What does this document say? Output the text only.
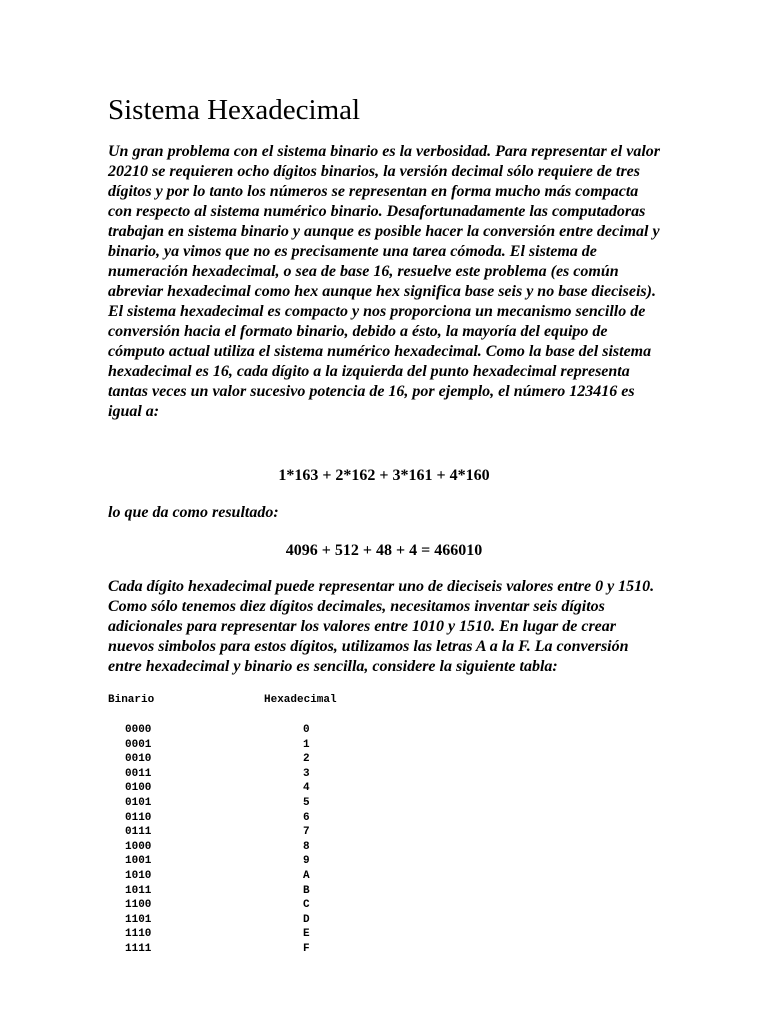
Sistema Hexadecimal

Un gran problema con el sistema binario es la verbosidad. Para representar el valor 20210 se requieren ocho dígitos binarios, la versión decimal sólo requiere de tres dígitos y por lo tanto los números se representan en forma mucho más compacta con respecto al sistema numérico binario. Desafortunadamente las computadoras trabajan en sistema binario y aunque es posible hacer la conversión entre decimal y binario, ya vimos que no es precisamente una tarea cómoda. El sistema de numeración hexadecimal, o sea de base 16, resuelve este problema (es común abreviar hexadecimal como hex aunque hex significa base seis y no base dieciseis). El sistema hexadecimal es compacto y nos proporciona un mecanismo sencillo de conversión hacia el formato binario, debido a ésto, la mayoría del equipo de cómputo actual utiliza el sistema numérico hexadecimal. Como la base del sistema hexadecimal es 16, cada dígito a la izquierda del punto hexadecimal representa tantas veces un valor sucesivo potencia de 16, por ejemplo, el número 123416 es igual a:

1*163 + 2*162 + 3*161 + 4*160

lo que da como resultado:

4096 + 512 + 48 + 4 = 466010

Cada dígito hexadecimal puede representar uno de dieciseis valores entre 0 y 1510. Como sólo tenemos diez dígitos decimales, necesitamos inventar seis dígitos adicionales para representar los valores entre 1010 y 1510. En lugar de crear nuevos simbolos para estos dígitos, utilizamos las letras A a la F. La conversión entre hexadecimal y binario es sencilla, considere la siguiente tabla:

Binario	Hexadecimal
0000	0
0001	1
0010	2
0011	3
0100	4
0101	5
0110	6
0111	7
1000	8
1001	9
1010	A
1011	B
1100	C
1101	D
1110	E
1111	F
